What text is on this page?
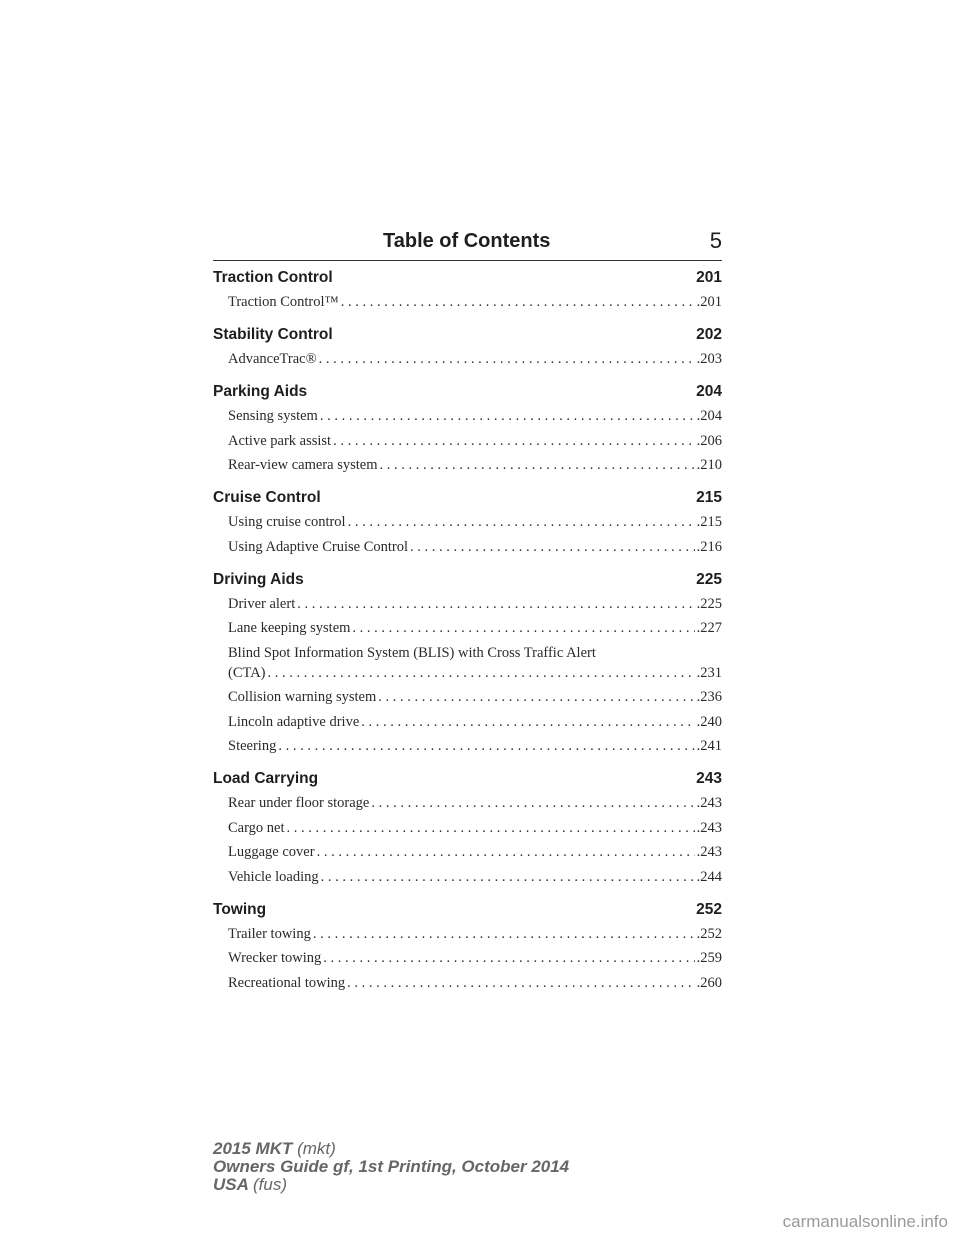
Table of Contents	5
Traction Control	201
Traction Control™ . . .	.201
Stability Control	202
AdvanceTrac® . . .	.203
Parking Aids	204
Sensing system . . .	.204
Active park assist . . .	.206
Rear-view camera system . . .	.210
Cruise Control	215
Using cruise control . . .	.215
Using Adaptive Cruise Control . . .	.216
Driving Aids	225
Driver alert . . .	.225
Lane keeping system . . .	.227
Blind Spot Information System (BLIS) with Cross Traffic Alert
(CTA) . . .	.231
Collision warning system . . .	.236
Lincoln adaptive drive . . .	.240
Steering . . .	.241
Load Carrying	243
Rear under floor storage . . .	.243
Cargo net . . .	.243
Luggage cover . . .	.243
Vehicle loading . . .	.244
Towing	252
Trailer towing . . .	.252
Wrecker towing . . .	.259
Recreational towing . . .	.260
2015 MKT (mkt)
Owners Guide gf, 1st Printing, October 2014
USA (fus)
carmanualsonline.info
